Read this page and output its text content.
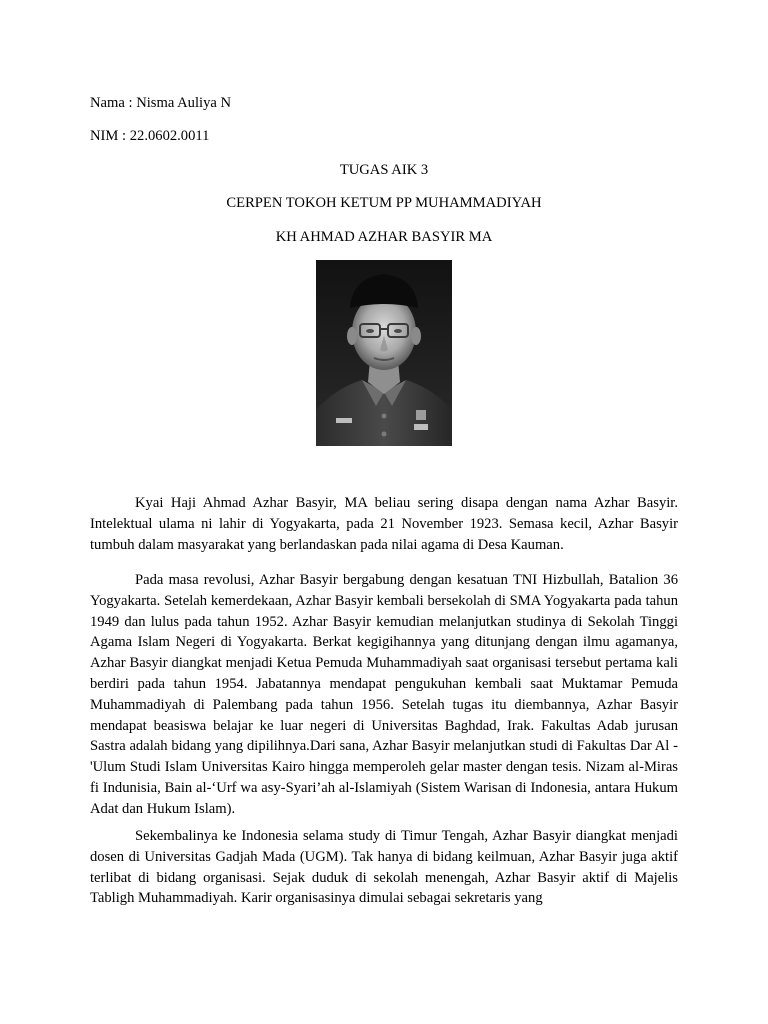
Nama : Nisma Auliya N

NIM : 22.0602.0011

TUGAS AIK 3

CERPEN TOKOH KETUM PP MUHAMMADIYAH

KH AHMAD AZHAR BASYIR MA

Kyai Haji Ahmad Azhar Basyir, MA beliau sering disapa dengan nama Azhar Basyir. Intelektual ulama ni lahir di Yogyakarta, pada 21 November 1923. Semasa kecil, Azhar Basyir tumbuh dalam masyarakat yang berlandaskan pada nilai agama di Desa Kauman.

Pada masa revolusi, Azhar Basyir bergabung dengan kesatuan TNI Hizbullah, Batalion 36 Yogyakarta. Setelah kemerdekaan, Azhar Basyir kembali bersekolah di SMA Yogyakarta pada tahun 1949 dan lulus pada tahun 1952. Azhar Basyir kemudian melanjutkan studinya di Sekolah Tinggi Agama Islam Negeri di Yogyakarta. Berkat kegigihannya yang ditunjang dengan ilmu agamanya, Azhar Basyir diangkat menjadi Ketua Pemuda Muhammadiyah saat organisasi tersebut pertama kali berdiri pada tahun 1954. Jabatannya mendapat pengukuhan kembali saat Muktamar Pemuda Muhammadiyah di Palembang pada tahun 1956. Setelah tugas itu diembannya, Azhar Basyir mendapat beasiswa belajar ke luar negeri di Universitas Baghdad, Irak. Fakultas Adab jurusan Sastra adalah bidang yang dipilihnya.Dari sana, Azhar Basyir melanjutkan studi di Fakultas Dar Al -'Ulum Studi Islam Universitas Kairo hingga memperoleh gelar master dengan tesis. Nizam al-Miras fi Indunisia, Bain al-‘Urf wa asy-Syari’ah al-Islamiyah (Sistem Warisan di Indonesia, antara Hukum Adat dan Hukum Islam).

Sekembalinya ke Indonesia selama study di Timur Tengah, Azhar Basyir diangkat menjadi dosen di Universitas Gadjah Mada (UGM). Tak hanya di bidang keilmuan, Azhar Basyir juga aktif terlibat di bidang organisasi. Sejak duduk di sekolah menengah, Azhar Basyir aktif di Majelis Tabligh Muhammadiyah. Karir organisasinya dimulai sebagai sekretaris yang
